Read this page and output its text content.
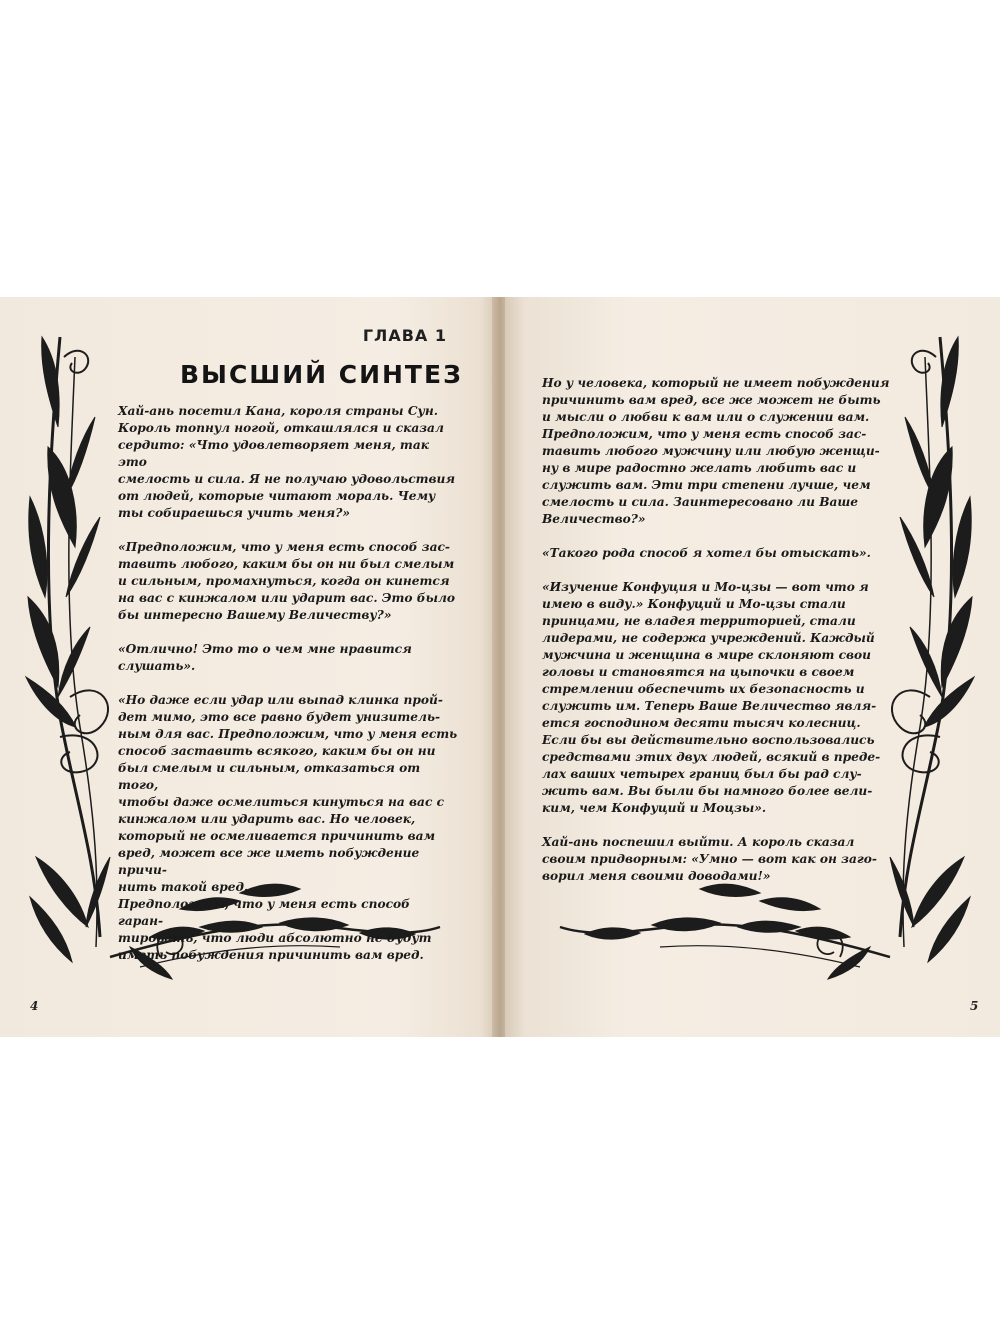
ГЛАВА 1
ВЫСШИЙ СИНТЕЗ

Хай-ань посетил Кана, короля страны Сун.
Король топнул ногой, откашлялся и сказал
сердито: «Что удовлетворяет меня, так это
смелость и сила. Я не получаю удовольствия
от людей, которые читают мораль. Чему
ты собираешься учить меня?»

«Предположим, что у меня есть способ зас-
тавить любого, каким бы он ни был смелым
и сильным, промахнуться, когда он кинется
на вас с кинжалом или ударит вас. Это было
бы интересно Вашему Величеству?»

«Отлично! Это то о чем мне нравится
слушать».

«Но даже если удар или выпад клинка прой-
дет мимо, это все равно будет унизитель-
ным для вас. Предположим, что у меня есть
способ заставить всякого, каким бы он ни
был смелым и сильным, отказаться от того,
чтобы даже осмелиться кинуться на вас с
кинжалом или ударить вас. Но человек,
который не осмеливается причинить вам
вред, может все же иметь побуждение причи-
нить такой вред.

Предположим, что у меня есть способ гаран-
тировать, что люди абсолютно не будут
иметь побуждения причинить вам вред.

4

Но у человека, который не имеет побуждения
причинить вам вред, все же может не быть
и мысли о любви к вам или о служении вам.

Предположим, что у меня есть способ зас-
тавить любого мужчину или любую женщи-
ну в мире радостно желать любить вас и
служить вам. Эти три степени лучше, чем
смелость и сила. Заинтересовано ли Ваше
Величество?»

«Такого рода способ я хотел бы отыскать».

«Изучение Конфуция и Мо-цзы — вот что я
имею в виду.» Конфуций и Мо-цзы стали
принцами, не владея территорией, стали
лидерами, не содержа учреждений. Каждый
мужчина и женщина в мире склоняют свои
головы и становятся на цыпочки в своем
стремлении обеспечить их безопасность и
служить им. Теперь Ваше Величество явля-
ется господином десяти тысяч колесниц.
Если бы вы действительно воспользовались
средствами этих двух людей, всякий в преде-
лах ваших четырех границ был бы рад слу-
жить вам. Вы были бы намного более вели-
ким, чем Конфуций и Моцзы».

Хай-ань поспешил выйти. А король сказал
своим придворным: «Умно — вот как он заго-
ворил меня своими доводами!»

5
